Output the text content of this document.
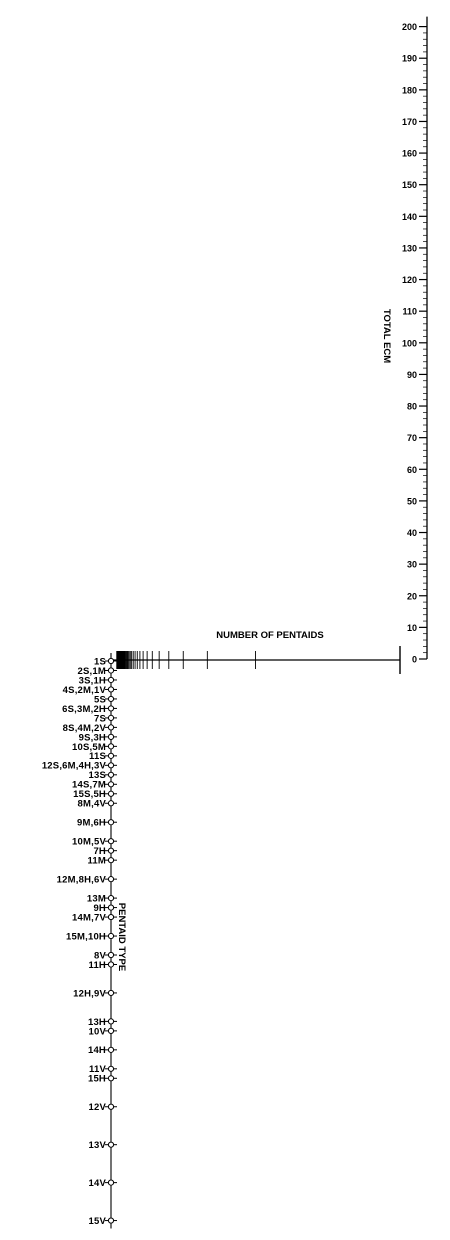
0
10
20
30
40
50
60
70
80
90
100
110
120
130
140
150
160
170
180
190
200
1S
2S,1M
3S,1H
4S,2M,1V
5S
6S,3M,2H
7S
8S,4M,2V
9S,3H
10S,5M
11S
12S,6M,4H,3V
13S
14S,7M
15S,5H
8M,4V
9M,6H
10M,5V
7H
11M
12M,8H,6V
13M
9H
14M,7V
15M,10H
8V
11H
12H,9V
13H
10V
14H
11V
15H
12V
13V
14V
15V
TOTAL ECM
NUMBER OF PENTAIDS
PENTAID TYPE
